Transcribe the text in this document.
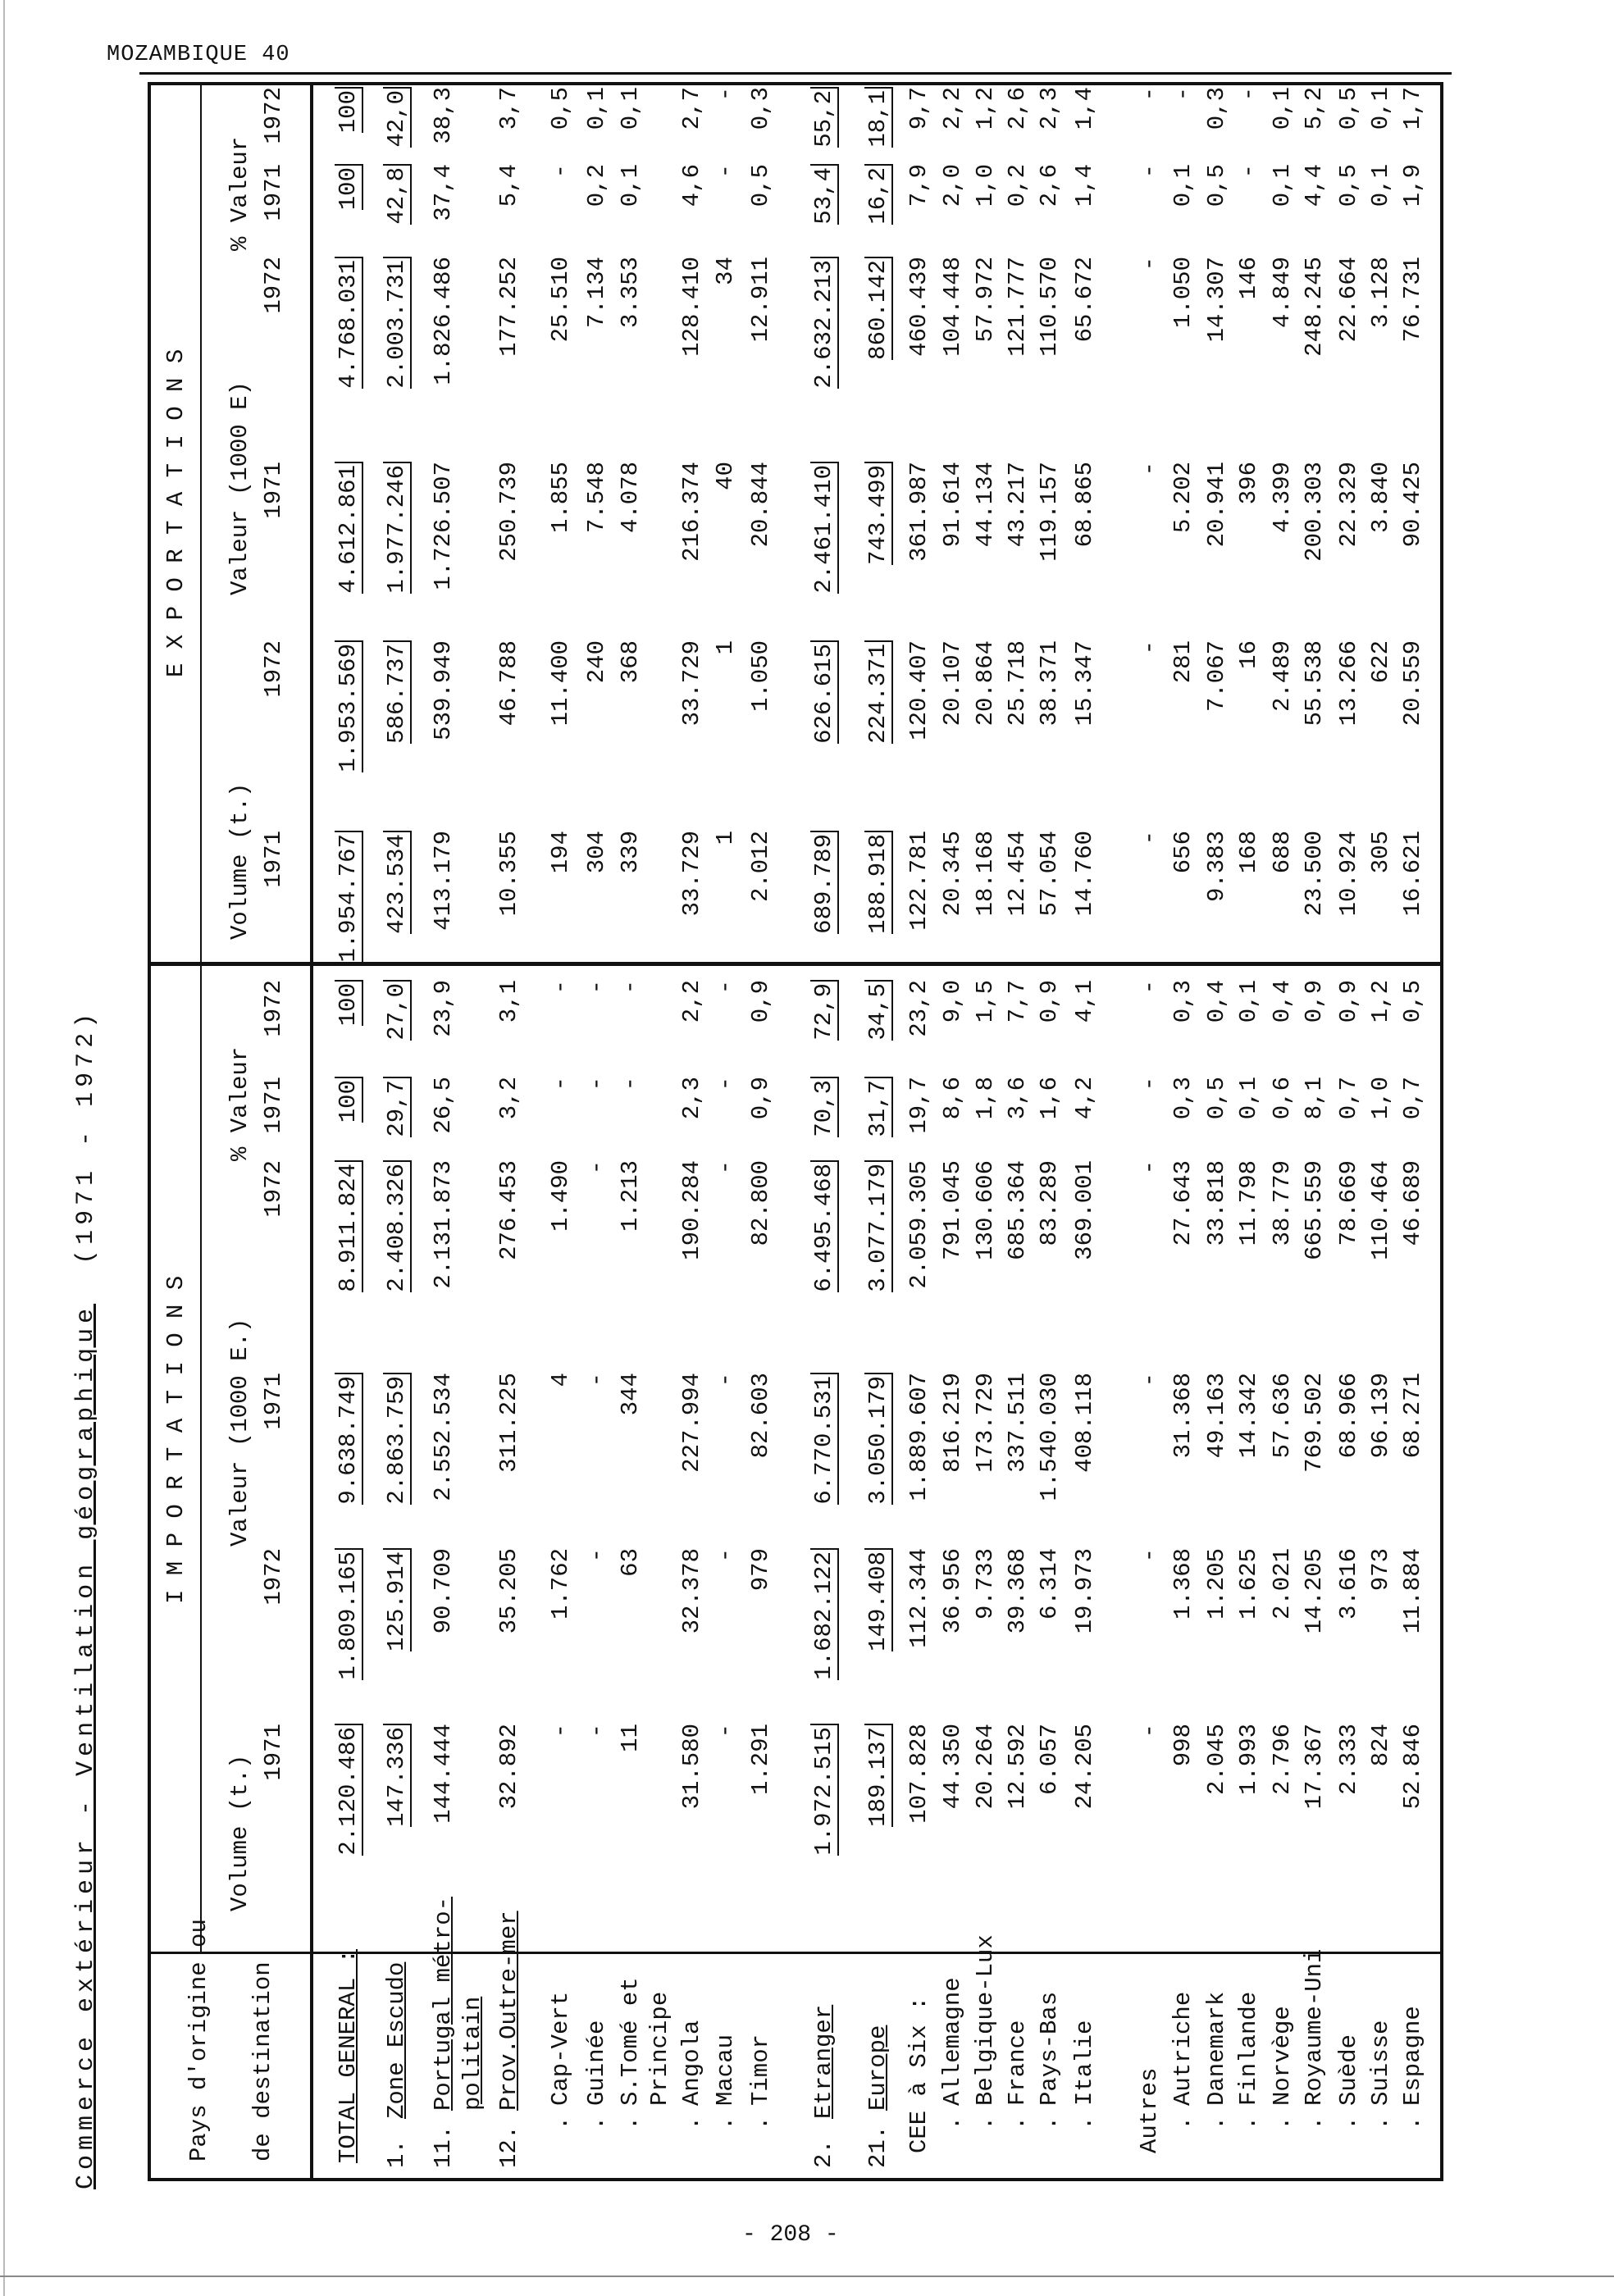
MOZAMBIQUE 40
Commerce extérieur - Ventilation géographique  (1971 - 1972)
Pays d'origine ou de destination
I M P O R T A T I O N S
E X P O R T A T I O N S
Volume (t.)
Valeur (1000 E.)
% Valeur
Volume (t.)
Valeur (1000 E)
% Valeur
1971
1972
1971
1972
1971
1972
1971
1972
1971
1972
1971
1972
TOTAL GENERAL :
2.120.486
1.809.165
9.638.749
8.911.824
100
100
1.954.767
1.953.569
4.612.861
4.768.031
100
100
1.
Zone Escudo
147.336
125.914
2.863.759
2.408.326
29,7
27,0
423.534
586.737
1.977.246
2.003.731
42,8
42,0
11.
Portugal métro- politain
144.444
90.709
2.552.534
2.131.873
26,5
23,9
413.179
539.949
1.726.507
1.826.486
37,4
38,3
12.
Prov.Outre-mer
32.892
35.205
311.225
276.453
3,2
3,1
10.355
46.788
250.739
177.252
5,4
3,7
.
Cap-Vert
-
1.762
4
1.490
-
-
194
11.400
1.855
25.510
-
0,5
.
Guinée
-
-
-
-
-
-
304
240
7.548
7.134
0,2
0,1
.
S.Tomé et Principe
11
63
344
1.213
-
-
339
368
4.078
3.353
0,1
0,1
.
Angola
31.580
32.378
227.994
190.284
2,3
2,2
33.729
33.729
216.374
128.410
4,6
2,7
.
Macau
-
-
-
-
-
-
1
1
40
34
-
-
.
Timor
1.291
979
82.603
82.800
0,9
0,9
2.012
1.050
20.844
12.911
0,5
0,3
2.
Etranger
1.972.515
1.682.122
6.770.531
6.495.468
70,3
72,9
689.789
626.615
2.461.410
2.632.213
53,4
55,2
21.
Europe
189.137
149.408
3.050.179
3.077.179
31,7
34,5
188.918
224.371
743.499
860.142
16,2
18,1
CEE à Six :
107.828
112.344
1.889.607
2.059.305
19,7
23,2
122.781
120.407
361.987
460.439
7,9
9,7
.
Allemagne
44.350
36.956
816.219
791.045
8,6
9,0
20.345
20.107
91.614
104.448
2,0
2,2
.
Belgique-Lux
20.264
9.733
173.729
130.606
1,8
1,5
18.168
20.864
44.134
57.972
1,0
1,2
.
France
12.592
39.368
337.511
685.364
3,6
7,7
12.454
25.718
43.217
121.777
0,2
2,6
.
Pays-Bas
6.057
6.314
1.540.030
83.289
1,6
0,9
57.054
38.371
119.157
110.570
2,6
2,3
.
Italie
24.205
19.973
408.118
369.001
4,2
4,1
14.760
15.347
68.865
65.672
1,4
1,4
Autres
-
-
-
-
-
-
-
-
-
-
-
-
.
Autriche
998
1.368
31.368
27.643
0,3
0,3
656
281
5.202
1.050
0,1
-
.
Danemark
2.045
1.205
49.163
33.818
0,5
0,4
9.383
7.067
20.941
14.307
0,5
0,3
.
Finlande
1.993
1.625
14.342
11.798
0,1
0,1
168
16
396
146
-
-
.
Norvège
2.796
2.021
57.636
38.779
0,6
0,4
688
2.489
4.399
4.849
0,1
0,1
.
Royaume-Uni
17.367
14.205
769.502
665.559
8,1
0,9
23.500
55.538
200.303
248.245
4,4
5,2
.
Suède
2.333
3.616
68.966
78.669
0,7
0,9
10.924
13.266
22.329
22.664
0,5
0,5
.
Suisse
824
973
96.139
110.464
1,0
1,2
305
622
3.840
3.128
0,1
0,1
.
Espagne
52.846
11.884
68.271
46.689
0,7
0,5
16.621
20.559
90.425
76.731
1,9
1,7
- 208 -
